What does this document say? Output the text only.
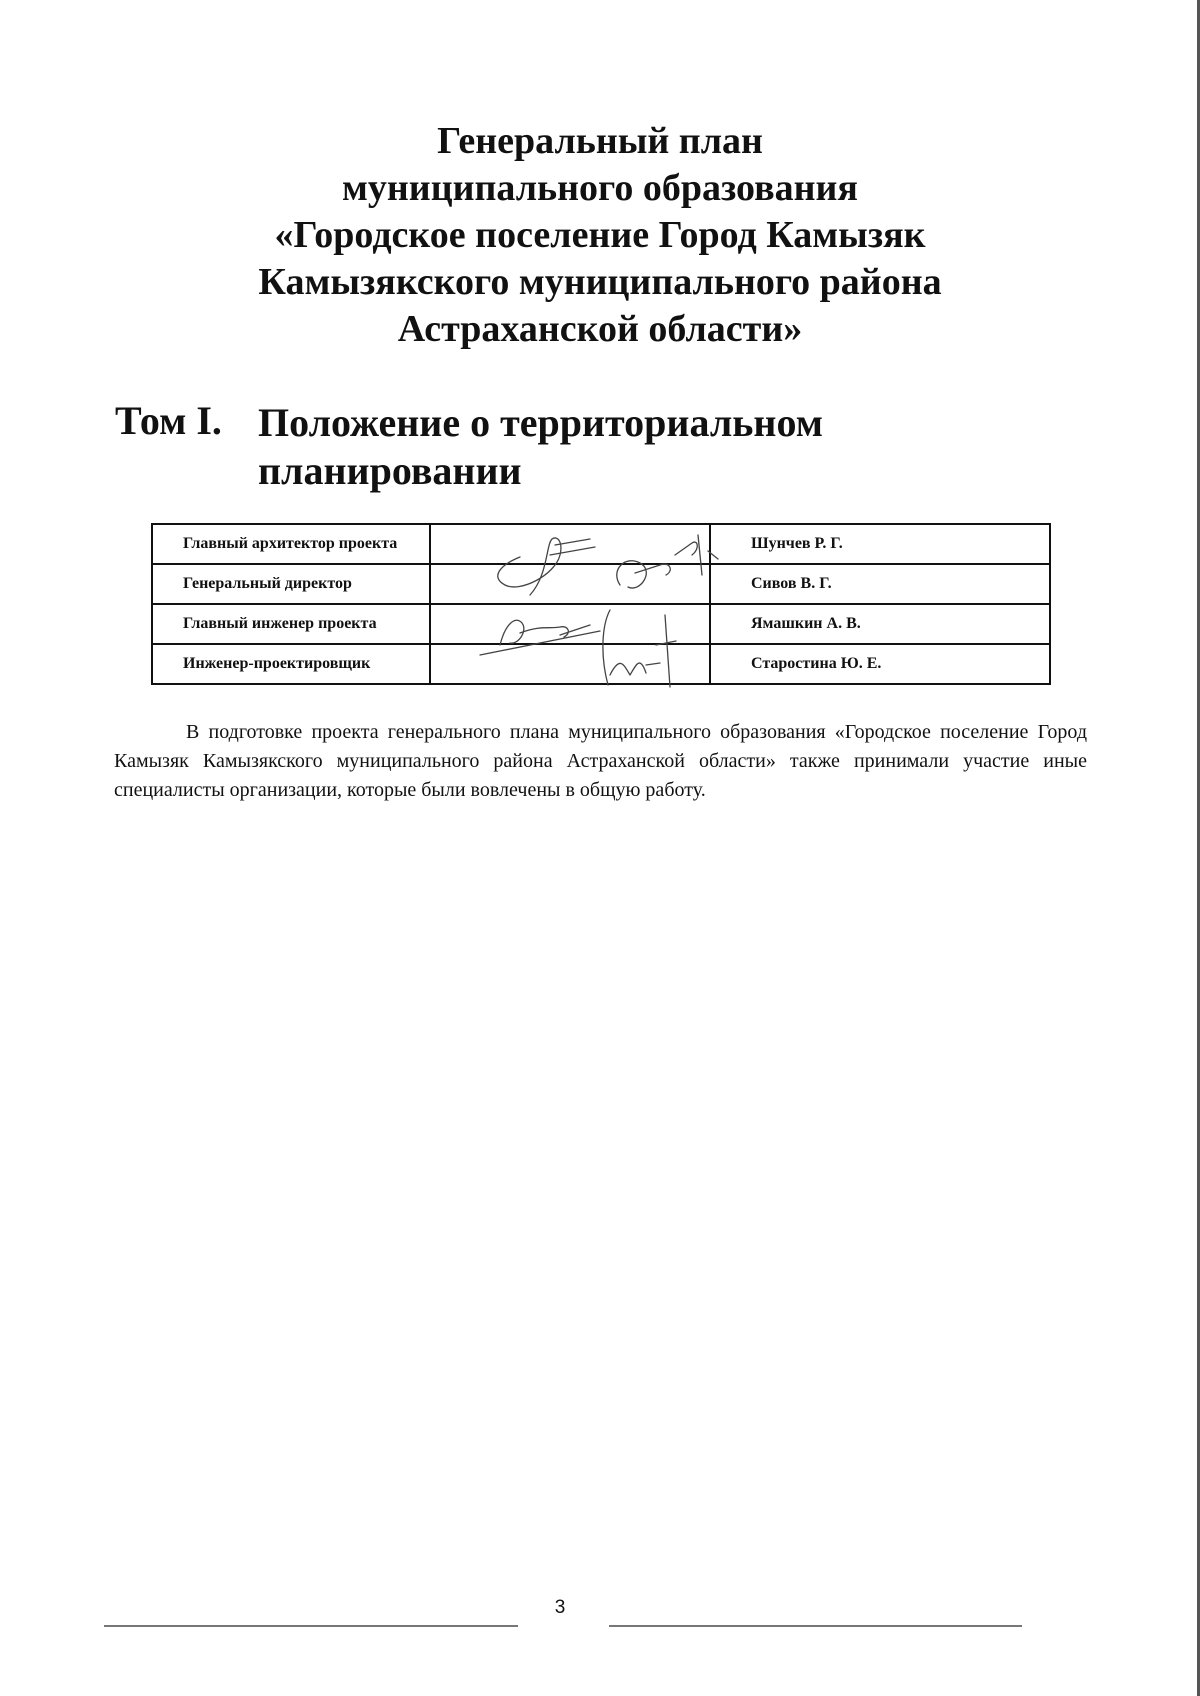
Генеральный план
муниципального образования
«Городское поселение Город Камызяк
Камызякского муниципального района
Астраханской области»
Том I. Положение о территориальном планировании
Главный архитектор проекта		Шунчев Р. Г.
Генеральный директор		Сивов В. Г.
Главный инженер проекта		Ямашкин А. В.
Инженер-проектировщик		Старостина Ю. Е.

В подготовке проекта генерального плана муниципального образования «Городское поселение Город Камызяк Камызякского муниципального района Астраханской области» также принимали участие иные специалисты организации, которые были вовлечены в общую работу.

3
